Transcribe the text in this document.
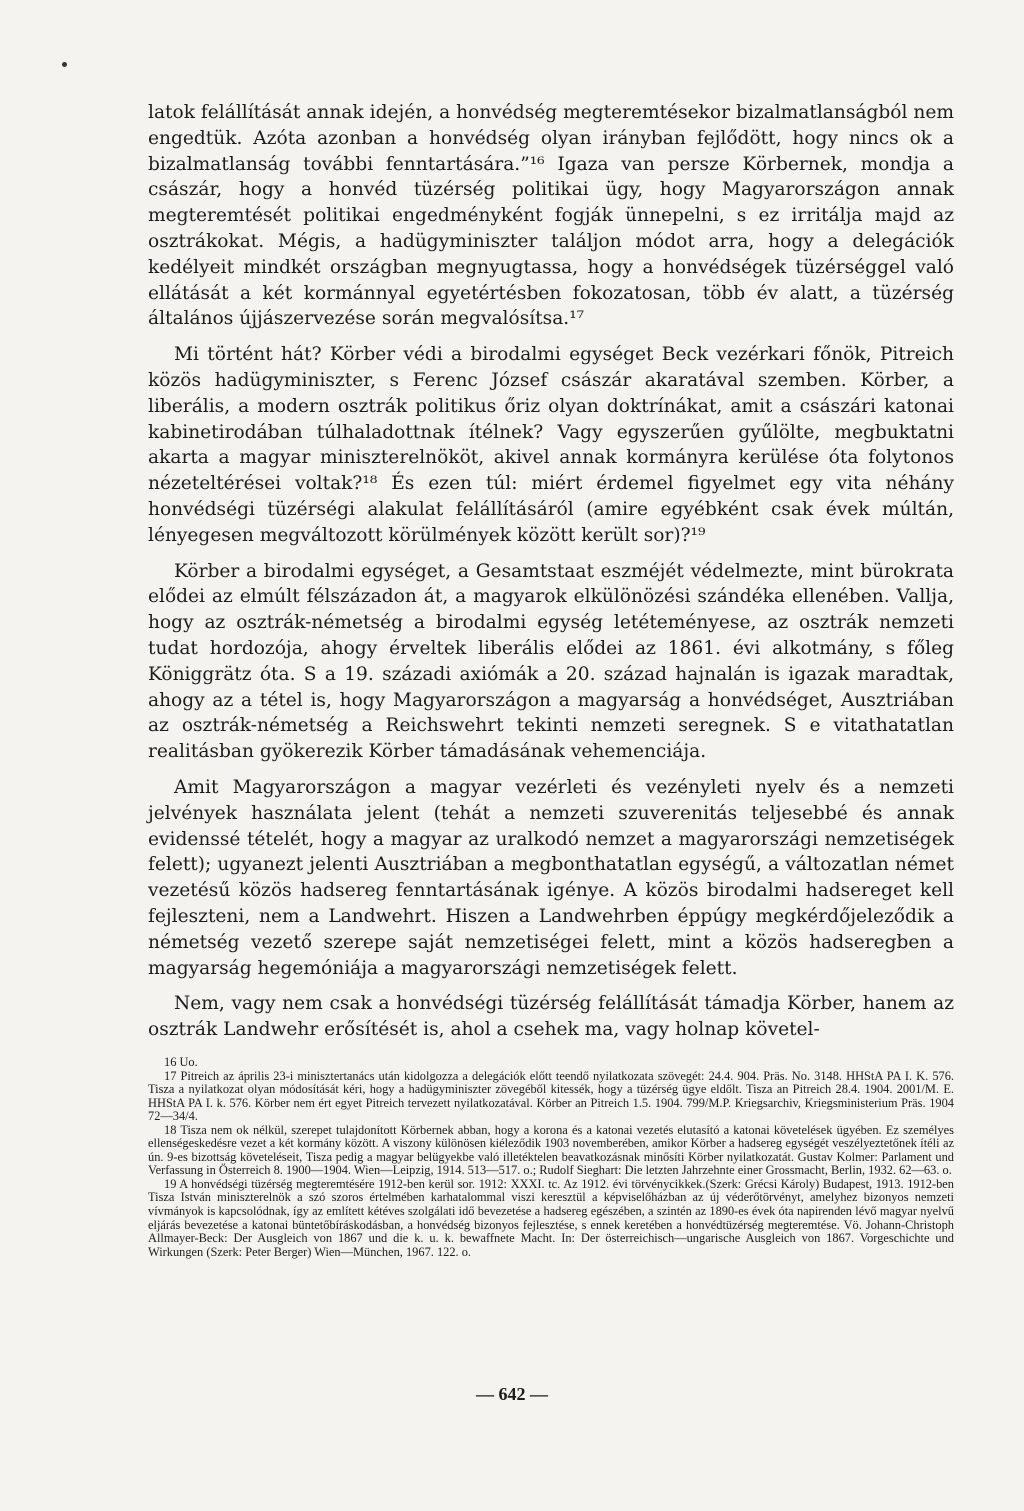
latok felállítását annak idején, a honvédség megteremtésekor bizalmatlanságból nem engedtük. Azóta azonban a honvédség olyan irányban fejlődött, hogy nincs ok a bizalmatlanság további fenntartására.”¹⁶ Igaza van persze Körbernek, mondja a császár, hogy a honvéd tüzérség politikai ügy, hogy Magyarországon annak megteremtését politikai engedményként fogják ünnepelni, s ez irritálja majd az osztrákokat. Mégis, a hadügyminiszter találjon módot arra, hogy a delegációk kedélyeit mindkét országban megnyugtassa, hogy a honvédségek tüzérséggel való ellátását a két kormánnyal egyetértésben fokozatosan, több év alatt, a tüzérség általános újjászervezése során megvalósítsa.¹⁷

Mi történt hát? Körber védi a birodalmi egységet Beck vezérkari főnök, Pitreich közös hadügyminiszter, s Ferenc József császár akaratával szemben. Körber, a liberális, a modern osztrák politikus őriz olyan doktrínákat, amit a császári katonai kabinetirodában túlhaladottnak ítélnek? Vagy egyszerűen gyűlölte, megbuktatni akarta a magyar miniszterelnököt, akivel annak kormányra kerülése óta folytonos nézeteltérései voltak?¹⁸ És ezen túl: miért érdemel figyelmet egy vita néhány honvédségi tüzérségi alakulat felállításáról (amire egyébként csak évek múltán, lényegesen megváltozott körülmények között került sor)?¹⁹

Körber a birodalmi egységet, a Gesamtstaat eszméjét védelmezte, mint bürokrata elődei az elmúlt félszázadon át, a magyarok elkülönözési szándéka ellenében. Vallja, hogy az osztrák-németség a birodalmi egység letéteményese, az osztrák nemzeti tudat hordozója, ahogy érveltek liberális elődei az 1861. évi alkotmány, s főleg Königgrätz óta. S a 19. századi axiómák a 20. század hajnalán is igazak maradtak, ahogy az a tétel is, hogy Magyarországon a magyarság a honvédséget, Ausztriában az osztrák-németség a Reichswehrt tekinti nemzeti seregnek. S e vitathatatlan realitásban gyökerezik Körber támadásának vehemenciája.

Amit Magyarországon a magyar vezérleti és vezényleti nyelv és a nemzeti jelvények használata jelent (tehát a nemzeti szuverenitás teljesebbé és annak evidenssé tételét, hogy a magyar az uralkodó nemzet a magyarországi nemzetiségek felett); ugyanezt jelenti Ausztriában a megbonthatatlan egységű, a változatlan német vezetésű közös hadsereg fenntartásának igénye. A közös birodalmi hadsereget kell fejleszteni, nem a Landwehrt. Hiszen a Landwehrben éppúgy megkérdőjeleződik a németség vezető szerepe saját nemzetiségei felett, mint a közös hadseregben a magyarság hegemóniája a magyarországi nemzetiségek felett.

Nem, vagy nem csak a honvédségi tüzérség felállítását támadja Körber, hanem az osztrák Landwehr erősítését is, ahol a csehek ma, vagy holnap követel-

16 Uo.

17 Pitreich az április 23-i minisztertanács után kidolgozza a delegációk előtt teendő nyilatkozata szövegét: 24.4. 904. Präs. No. 3148. HHStA PA I. K. 576. Tisza a nyilatkozat olyan módosítását kéri, hogy a hadügyminiszter zövegéből kitessék, hogy a tüzérség ügye eldőlt. Tisza an Pitreich 28.4. 1904. 2001/M. E. HHStA PA I. k. 576. Körber nem ért egyet Pitreich tervezett nyilatkozatával. Körber an Pitreich 1.5. 1904. 799/M.P. Kriegsarchiv, Kriegsministerium Präs. 1904 72—34/4.

18 Tisza nem ok nélkül, szerepet tulajdonított Körbernek abban, hogy a korona és a katonai vezetés elutasító a katonai követelések ügyében. Ez személyes ellenségeskedésre vezet a két kormány között. A viszony különösen kiéleződik 1903 novemberében, amikor Körber a hadsereg egységét veszélyeztetőnek ítéli az ún. 9-es bizottság követeléseit, Tisza pedig a magyar belügyekbe való illetéktelen beavatkozásnak minősíti Körber nyilatkozatát. Gustav Kolmer: Parlament und Verfassung in Österreich 8. 1900—1904. Wien—Leipzig, 1914. 513—517. o.; Rudolf Sieghart: Die letzten Jahrzehnte einer Grossmacht, Berlin, 1932. 62—63. o.

19 A honvédségi tüzérség megteremtésére 1912-ben kerül sor. 1912: XXXI. tc. Az 1912. évi törvénycikkek.(Szerk: Grécsi Károly) Budapest, 1913. 1912-ben Tisza István miniszterelnök a szó szoros értelmében karhatalommal viszi keresztül a képviselőházban az új véderőtörvényt, amelyhez bizonyos nemzeti vívmányok is kapcsolódnak, így az említett kétéves szolgálati idő bevezetése a hadsereg egészében, a szintén az 1890-es évek óta napirenden lévő magyar nyelvű eljárás bevezetése a katonai büntetőbíráskodásban, a honvédség bizonyos fejlesztése, s ennek keretében a honvédtüzérség megteremtése. Vö. Johann-Christoph Allmayer-Beck: Der Ausgleich von 1867 und die k. u. k. bewaffnete Macht. In: Der österreichisch—ungarische Ausgleich von 1867. Vorgeschichte und Wirkungen (Szerk: Peter Berger) Wien—München, 1967. 122. o.

— 642 —
